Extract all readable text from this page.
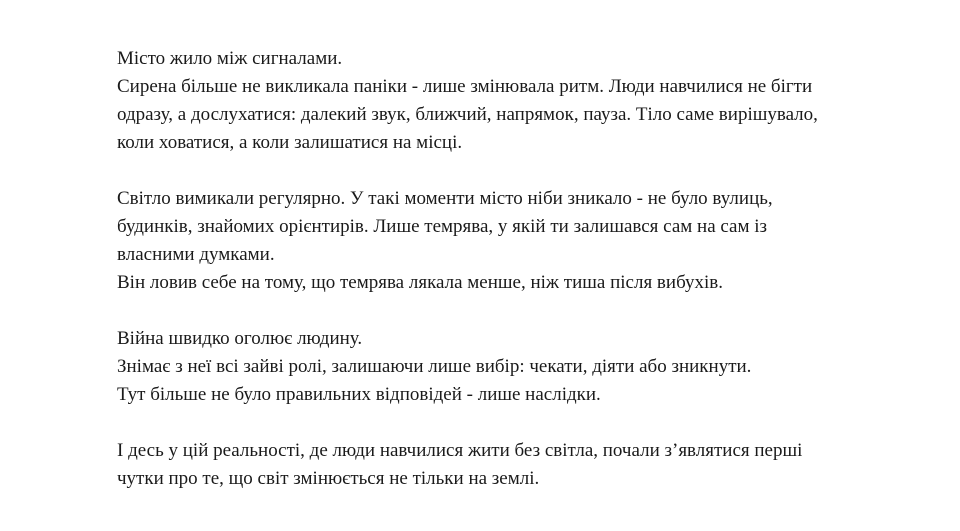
Місто жило між сигналами.
Сирена більше не викликала паніки - лише змінювала ритм. Люди навчилися не бігти
одразу, а дослухатися: далекий звук, ближчий, напрямок, пауза. Тіло саме вирішувало,
коли ховатися, а коли залишатися на місці.

Світло вимикали регулярно. У такі моменти місто ніби зникало - не було вулиць,
будинків, знайомих орієнтирів. Лише темрява, у якій ти залишався сам на сам із
власними думками.
Він ловив себе на тому, що темрява лякала менше, ніж тиша після вибухів.

Війна швидко оголює людину.
Знімає з неї всі зайві ролі, залишаючи лише вибір: чекати, діяти або зникнути.
Тут більше не було правильних відповідей - лише наслідки.

І десь у цій реальності, де люди навчилися жити без світла, почали з’являтися перші
чутки про те, що світ змінюється не тільки на землі.
